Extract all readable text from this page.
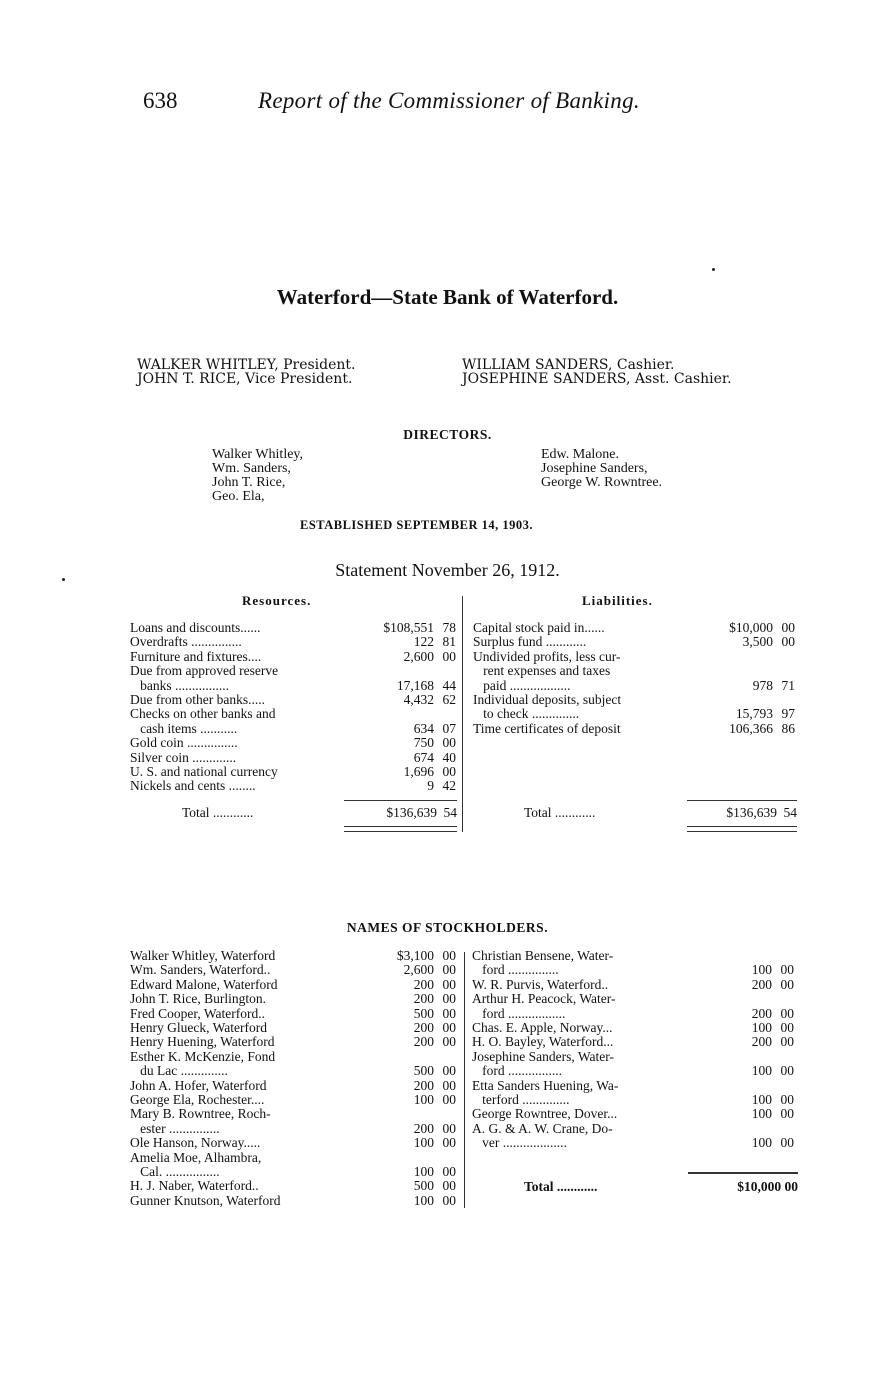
638	Report of the Commissioner of Banking.
Waterford—State Bank of Waterford.
WALKER WHITLEY, President.
JOHN T. RICE, Vice President.
WILLIAM SANDERS, Cashier.
JOSEPHINE SANDERS, Asst. Cashier.
DIRECTORS.
Walker Whitley,
Wm. Sanders,
John T. Rice,
Geo. Ela,
Edw. Malone.
Josephine Sanders,
George W. Rowntree.
ESTABLISHED SEPTEMBER 14, 1903.
Statement November 26, 1912.
Resources.	Liabilities.
Loans and discounts......	$108,551 78
Overdrafts ...............	122 81
Furniture and fixtures....	2,600 00
Due from approved reserve
banks ................	17,168 44
Due from other banks.....	4,432 62
Checks on other banks and
cash items ...........	634 07
Gold coin ...............	750 00
Silver coin .............	674 40
U. S. and national currency	1,696 00
Nickels and cents ........	9 42
Capital stock paid in......	$10,000 00
Surplus fund ............	3,500 00
Undivided profits, less cur-
rent expenses and taxes
paid ..................	978 71
Individual deposits, subject
to check ..............	15,793 97
Time certificates of deposit	106,366 86
Total ............	$136,639 54	Total ............	$136,639 54
NAMES OF STOCKHOLDERS.
Walker Whitley, Waterford	$3,100 00
Wm. Sanders, Waterford..	2,600 00
Edward Malone, Waterford	200 00
John T. Rice, Burlington.	200 00
Fred Cooper, Waterford..	500 00
Henry Glueck, Waterford	200 00
Henry Huening, Waterford	200 00
Esther K. McKenzie, Fond
du Lac ..............	500 00
John A. Hofer, Waterford	200 00
George Ela, Rochester....	100 00
Mary B. Rowntree, Roch-
ester ...............	200 00
Ole Hanson, Norway.....	100 00
Amelia Moe, Alhambra,
Cal. ................	100 00
H. J. Naber, Waterford..	500 00
Gunner Knutson, Waterford	100 00
Christian Bensene, Water-
ford ...............	100 00
W. R. Purvis, Waterford..	200 00
Arthur H. Peacock, Water-
ford .................	200 00
Chas. E. Apple, Norway...	100 00
H. O. Bayley, Waterford...	200 00
Josephine Sanders, Water-
ford ................	100 00
Etta Sanders Huening, Wa-
terford ..............	100 00
George Rowntree, Dover...	100 00
A. G. & A. W. Crane, Do-
ver ...................	100 00
Total ............	$10,000 00
